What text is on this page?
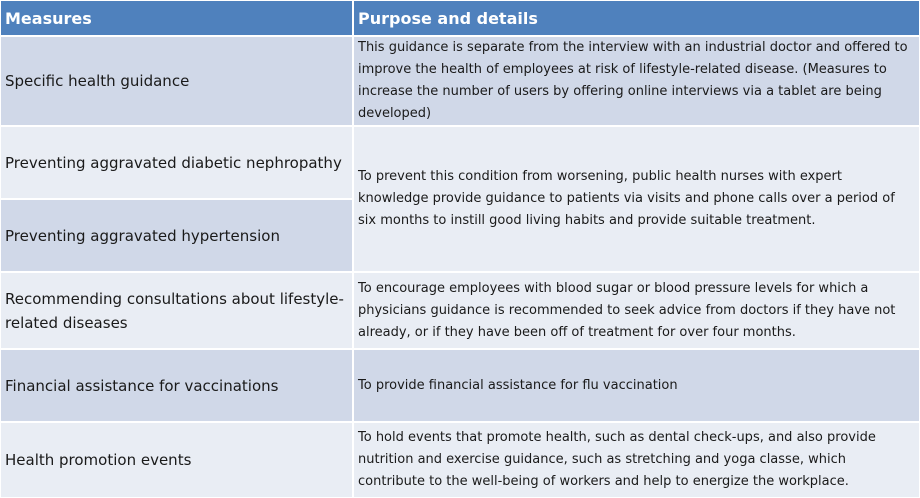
Measures	Purpose and details
Specific health guidance	This guidance is separate from the interview with an industrial doctor and offered to improve the health of employees at risk of lifestyle-related disease. (Measures to increase the number of users by offering online interviews via a tablet are being developed)
Preventing aggravated diabetic nephropathy	To prevent this condition from worsening, public health nurses with expert knowledge provide guidance to patients via visits and phone calls over a period of six months to instill good living habits and provide suitable treatment.
Preventing aggravated hypertension	
Recommending consultations about lifestyle-related diseases	To encourage employees with blood sugar or blood pressure levels for which a physicians guidance is recommended to seek advice from doctors if they have not already, or if they have been off of treatment for over four months.
Financial assistance for vaccinations	To provide financial assistance for flu vaccination
Health promotion events	To hold events that promote health, such as dental check-ups, and also provide nutrition and exercise guidance, such as stretching and yoga classe, which contribute to the well-being of workers and help to energize the workplace.
